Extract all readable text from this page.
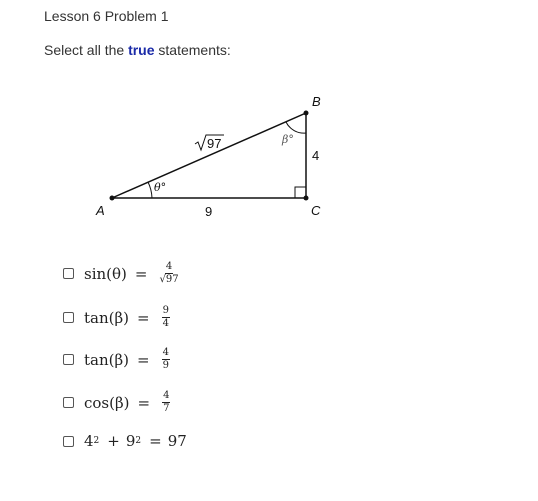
Lesson 6 Problem 1
Select all the true statements:
A
B
C
97
9
4
θ°
β°
$\sin(\theta) = \frac{4}{√97}$
$\tan(\beta) = \frac{9}{4}$
$\tan(\beta) = \frac{4}{9}$
$\cos(\beta) = \frac{4}{7}$
4 2 + 9 2 = 97
